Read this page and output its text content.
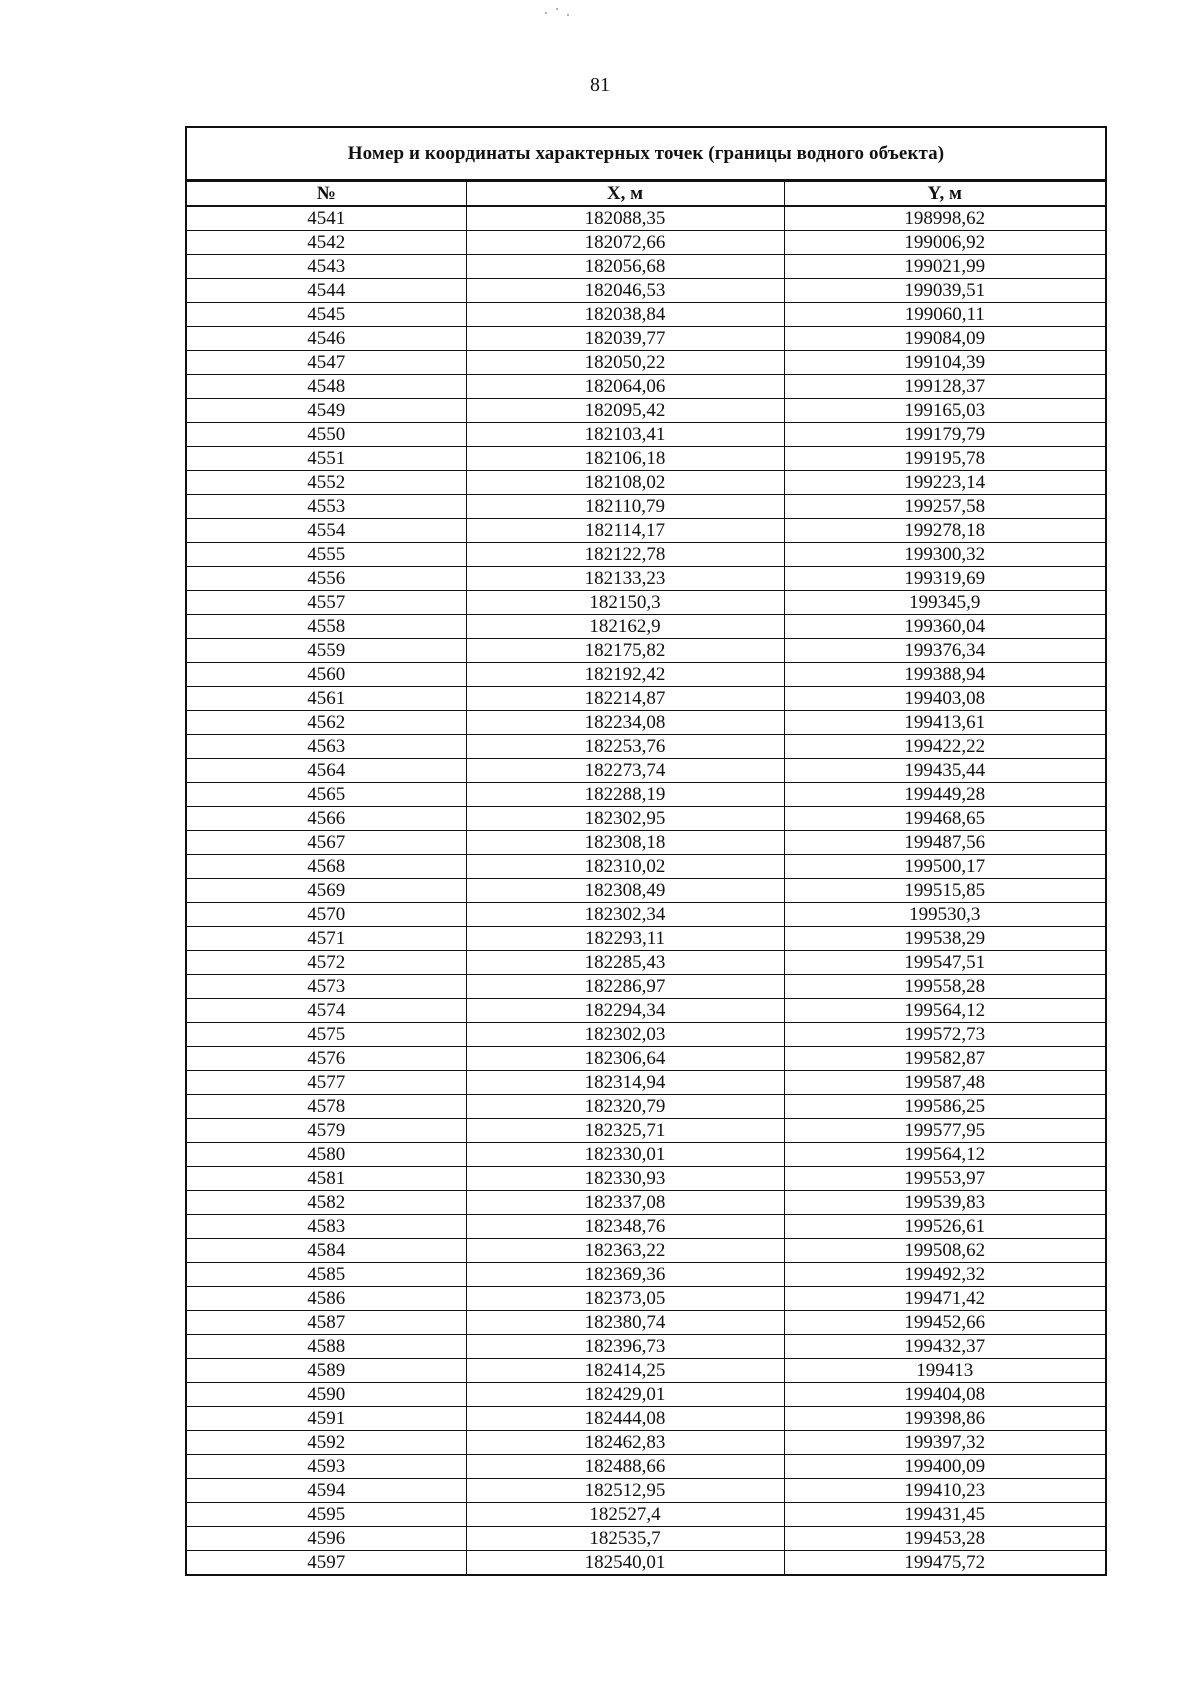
81
Номер и координаты характерных точек (границы водного объекта)
№	X, м	Y, м
4541	182088,35	198998,62
4542	182072,66	199006,92
4543	182056,68	199021,99
4544	182046,53	199039,51
4545	182038,84	199060,11
4546	182039,77	199084,09
4547	182050,22	199104,39
4548	182064,06	199128,37
4549	182095,42	199165,03
4550	182103,41	199179,79
4551	182106,18	199195,78
4552	182108,02	199223,14
4553	182110,79	199257,58
4554	182114,17	199278,18
4555	182122,78	199300,32
4556	182133,23	199319,69
4557	182150,3	199345,9
4558	182162,9	199360,04
4559	182175,82	199376,34
4560	182192,42	199388,94
4561	182214,87	199403,08
4562	182234,08	199413,61
4563	182253,76	199422,22
4564	182273,74	199435,44
4565	182288,19	199449,28
4566	182302,95	199468,65
4567	182308,18	199487,56
4568	182310,02	199500,17
4569	182308,49	199515,85
4570	182302,34	199530,3
4571	182293,11	199538,29
4572	182285,43	199547,51
4573	182286,97	199558,28
4574	182294,34	199564,12
4575	182302,03	199572,73
4576	182306,64	199582,87
4577	182314,94	199587,48
4578	182320,79	199586,25
4579	182325,71	199577,95
4580	182330,01	199564,12
4581	182330,93	199553,97
4582	182337,08	199539,83
4583	182348,76	199526,61
4584	182363,22	199508,62
4585	182369,36	199492,32
4586	182373,05	199471,42
4587	182380,74	199452,66
4588	182396,73	199432,37
4589	182414,25	199413
4590	182429,01	199404,08
4591	182444,08	199398,86
4592	182462,83	199397,32
4593	182488,66	199400,09
4594	182512,95	199410,23
4595	182527,4	199431,45
4596	182535,7	199453,28
4597	182540,01	199475,72
